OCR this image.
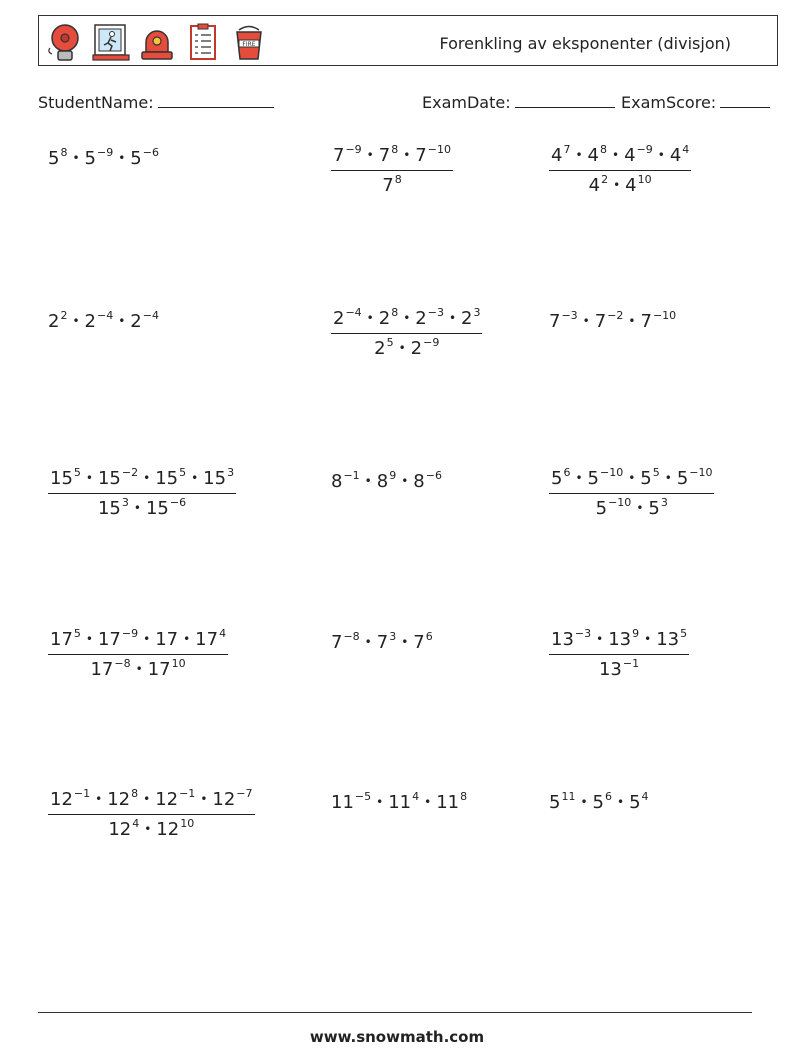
FIRE	Forenkling av eksponenter (divisjon)
StudentName:	ExamDate:	ExamScore:
$5^8$ • $5^{-9}$ • $5^{-6}$	$\frac{7^{-9} • 7^8 • 7^{-10}}{7^8}$	$\frac{4^7 • 4^8 • 4^{-9} • 4^4}{4^2 • 4^{10}}$
$2^2$ • $2^{-4}$ • $2^{-4}$	$\frac{2^{-4} • 2^8 • 2^{-3} • 2^3}{2^5 • 2^{-9}}$	$7^{-3}$ • $7^{-2}$ • $7^{-10}$
$\frac{15^5 • 15^{-2} • 15^5 • 15^3}{15^3 • 15^{-6}}$	$8^{-1}$ • $8^9$ • $8^{-6}$	$\frac{5^6 • 5^{-10} • 5^5 • 5^{-10}}{5^{-10} • 5^3}$
$\frac{17^5 • 17^{-9} • 17 • 17^4}{17^{-8} • 17^{10}}$	$7^{-8}$ • $7^3$ • $7^6$	$\frac{13^{-3} • 13^9 • 13^5}{13^{-1}}$
$\frac{12^{-1} • 12^8 • 12^{-1} • 12^{-7}}{12^4 • 12^{10}}$	$11^{-5}$ • $11^4$ • $11^8$	$5^{11}$ • $5^6$ • $5^4$
www.snowmath.com
